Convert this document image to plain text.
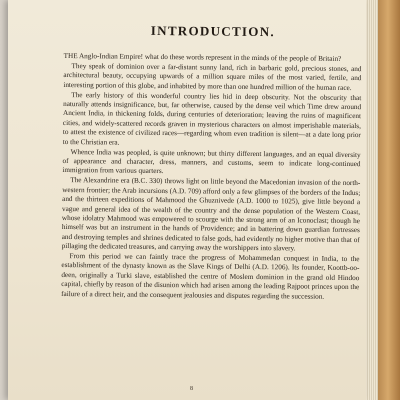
INTRODUCTION.

THE Anglo-Indian Empire! what do these words represent in the minds of the people of Britain?

They speak of dominion over a far-distant sunny land, rich in barbaric gold, precious stones, and architectural beauty, occupying upwards of a million square miles of the most varied, fertile, and interesting portion of this globe, and inhabited by more than one hundred million of the human race.

The early history of this wonderful country lies hid in deep obscurity. Not the obscurity that naturally attends insignificance, but, far otherwise, caused by the dense veil which Time drew around Ancient India, in thickening folds, during centuries of deterioration; leaving the ruins of magnificent cities, and widely-scattered records graven in mysterious characters on almost imperishable materials, to attest the existence of civilized races—regarding whom even tradition is silent—at a date long prior to the Christian era.

Whence India was peopled, is quite unknown; but thirty different languages, and an equal diversity of appearance and character, dress, manners, and customs, seem to indicate long-continued immigration from various quarters.

The Alexandrine era (B.C. 330) throws light on little beyond the Macedonian invasion of the north-western frontier; the Arab incursions (A.D. 709) afford only a few glimpses of the borders of the Indus; and the thirteen expeditions of Mahmood the Ghuznivede (A.D. 1000 to 1025), give little beyond a vague and general idea of the wealth of the country and the dense population of the Western Coast, whose idolatry Mahmood was empowered to scourge with the strong arm of an Iconoclast; though he himself was but an instrument in the hands of Providence; and in battering down guardian fortresses and destroying temples and shrines dedicated to false gods, had evidently no higher motive than that of pillaging the dedicated treasures, and carrying away the worshippers into slavery.

From this period we can faintly trace the progress of Mohammedan conquest in India, to the establishment of the dynasty known as the Slave Kings of Delhi (A.D. 1206). Its founder, Koottb-oo-deen, originally a Turki slave, established the centre of Moslem dominion in the grand old Hindoo capital, chiefly by reason of the disunion which had arisen among the leading Rajpoot princes upon the failure of a direct heir, and the consequent jealousies and disputes regarding the succession.

8
